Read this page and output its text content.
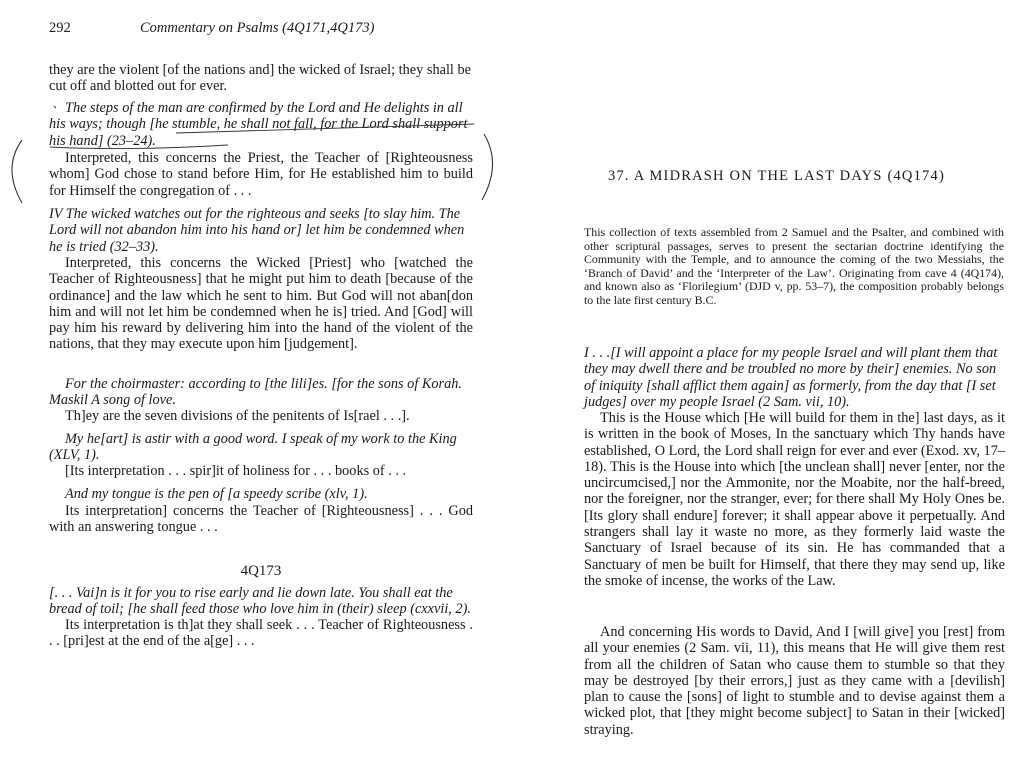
292	Commentary on Psalms (4Q171,4Q173)

they are the violent [of the nations and] the wicked of Israel; they shall be cut off and blotted out for ever.

The steps of the man are confirmed by the Lord and He delights in all his ways; though [he stumble, he shall not fall, for the Lord shall support his hand] (23–24).

Interpreted, this concerns the Priest, the Teacher of [Righteousness whom] God chose to stand before Him, for He established him to build for Himself the congregation of . . .

IV The wicked watches out for the righteous and seeks [to slay him. The Lord will not abandon him into his hand or] let him be condemned when he is tried (32–33).

Interpreted, this concerns the Wicked [Priest] who [watched the Teacher of Righteousness] that he might put him to death [because of the ordinance] and the law which he sent to him. But God will not aban[don him and will not let him be condemned when he is] tried. And [God] will pay him his reward by delivering him into the hand of the violent of the nations, that they may execute upon him [judgement].

For the choirmaster: according to [the lili]es. [for the sons of Korah. Maskil A song of love.

Th]ey are the seven divisions of the penitents of Is[rael . . .].

My he[art] is astir with a good word. I speak of my work to the King (XLV, 1).

[Its interpretation . . . spir]it of holiness for . . . books of . . .

And my tongue is the pen of [a speedy scribe (xlv, 1).

Its interpretation] concerns the Teacher of [Righteousness] . . . God with an answering tongue . . .

4Q173

[. . . Vai]n is it for you to rise early and lie down late. You shall eat the bread of toil; [he shall feed those who love him in (their) sleep (cxxvii, 2).

Its interpretation is th]at they shall seek . . . Teacher of Righteousness . . . [pri]est at the end of the a[ge] . . .

37. A MIDRASH ON THE LAST DAYS (4Q174)

This collection of texts assembled from 2 Samuel and the Psalter, and combined with other scriptural passages, serves to present the sectarian doctrine identifying the Community with the Temple, and to announce the coming of the two Messiahs, the ‘Branch of David’ and the ‘Interpreter of the Law’. Originating from cave 4 (4Q174), and known also as ‘Florilegium’ (DJD v, pp. 53–7), the composition probably belongs to the late first century B.C.

I . . .[I will appoint a place for my people Israel and will plant them that they may dwell there and be troubled no more by their] enemies. No son of iniquity [shall afflict them again] as formerly, from the day that [I set judges] over my people Israel (2 Sam. vii, 10).

This is the House which [He will build for them in the] last days, as it is written in the book of Moses, In the sanctuary which Thy hands have established, O Lord, the Lord shall reign for ever and ever (Exod. xv, 17–18). This is the House into which [the unclean shall] never [enter, nor the uncircumcised,] nor the Ammonite, nor the Moabite, nor the half-breed, nor the foreigner, nor the stranger, ever; for there shall My Holy Ones be. [Its glory shall endure] forever; it shall appear above it perpetually. And strangers shall lay it waste no more, as they formerly laid waste the Sanctuary of Israel because of its sin. He has commanded that a Sanctuary of men be built for Himself, that there they may send up, like the smoke of incense, the works of the Law.

And concerning His words to David, And I [will give] you [rest] from all your enemies (2 Sam. vii, 11), this means that He will give them rest from all the children of Satan who cause them to stumble so that they may be destroyed [by their errors,] just as they came with a [devilish] plan to cause the [sons] of light to stumble and to devise against them a wicked plot, that [they might become subject] to Satan in their [wicked] straying.
